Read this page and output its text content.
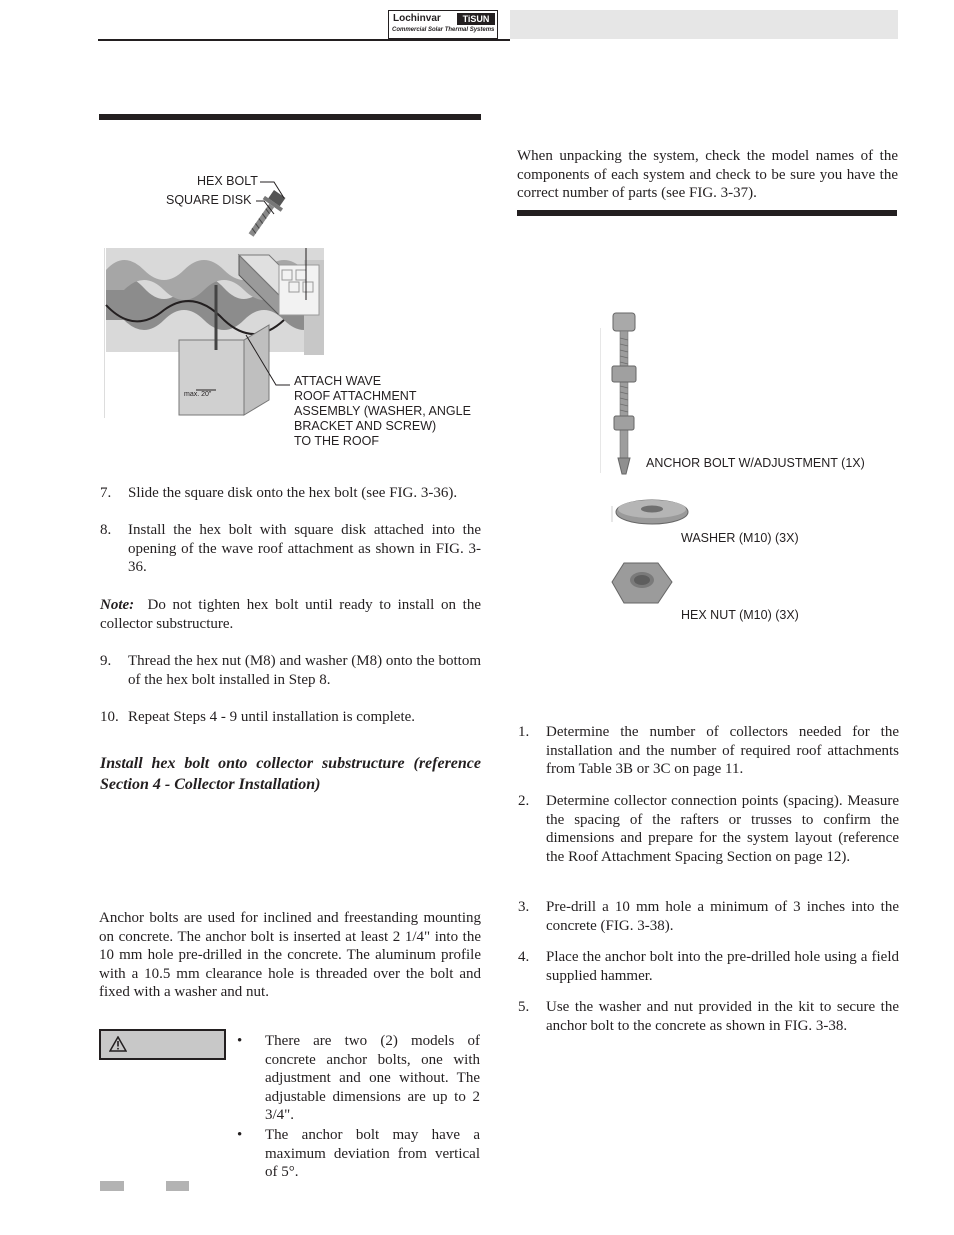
Lochinvar	TiSUN
Commercial Solar Thermal Systems
max. 20"
HEX BOLT
SQUARE DISK
ATTACH WAVE
ROOF ATTACHMENT
ASSEMBLY (WASHER, ANGLE
BRACKET AND SCREW)
TO THE ROOF
7. Slide the square disk onto the hex bolt (see FIG. 3-36).
8. Install the hex bolt with square disk attached into the opening of the wave roof attachment as shown in FIG. 3-36.
Note: Do not tighten hex bolt until ready to install on the collector substructure.
9. Thread the hex nut (M8) and washer (M8) onto the bottom of the hex bolt installed in Step 8.
10. Repeat Steps 4 - 9 until installation is complete.
Install hex bolt onto collector substructure (reference Section 4 - Collector Installation)
Anchor bolts are used for inclined and freestanding mounting on concrete. The anchor bolt is inserted at least 2 1/4" into the 10 mm hole pre-drilled in the concrete. The aluminum profile with a 10.5 mm clearance hole is threaded over the bolt and fixed with a washer and nut.
• There are two (2) models of concrete anchor bolts, one with adjustment and one without. The adjustable dimensions are up to 2 3/4".
• The anchor bolt may have a maximum deviation from vertical of 5°.
When unpacking the system, check the model names of the components of each system and check to be sure you have the correct number of parts (see FIG. 3-37).
ANCHOR BOLT W/ADJUSTMENT (1X)
WASHER (M10) (3X)
HEX NUT (M10) (3X)
1. Determine the number of collectors needed for the installation and the number of required roof attachments from Table 3B or 3C on page 11.
2. Determine collector connection points (spacing). Measure the spacing of the rafters or trusses to confirm the dimensions and prepare for the system layout (reference the Roof Attachment Spacing Section on page 12).
3. Pre-drill a 10 mm hole a minimum of 3 inches into the concrete (FIG. 3-38).
4. Place the anchor bolt into the pre-drilled hole using a field supplied hammer.
5. Use the washer and nut provided in the kit to secure the anchor bolt to the concrete as shown in FIG. 3-38.
